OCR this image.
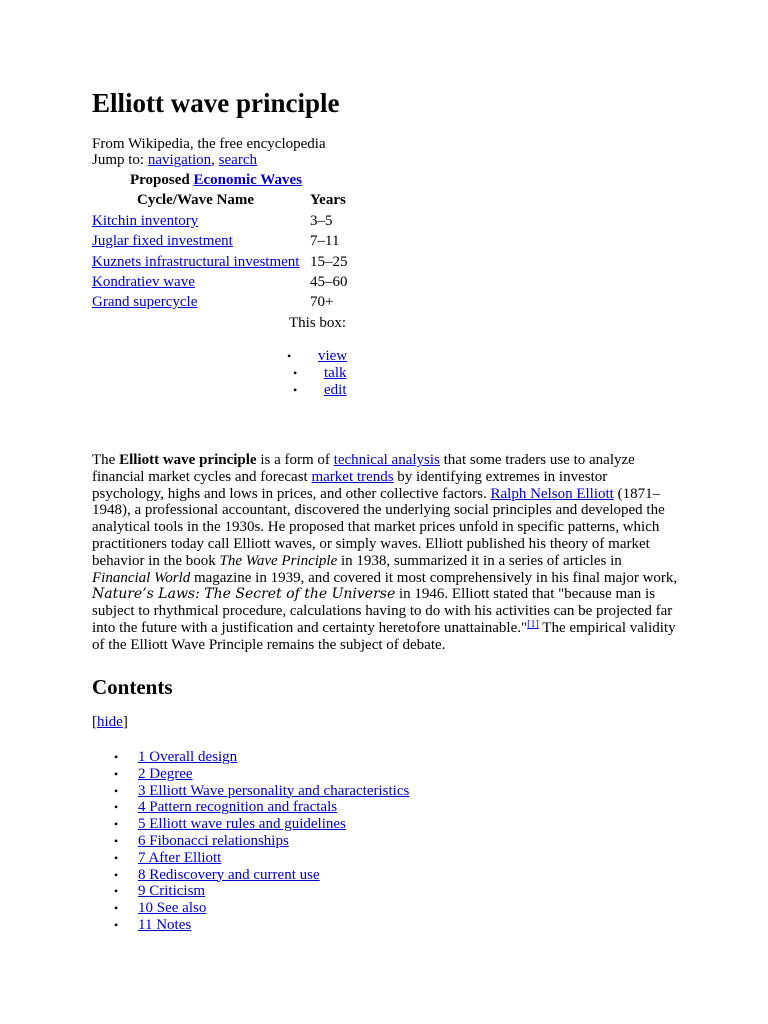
Elliott wave principle
From Wikipedia, the free encyclopedia
Jump to: navigation, search
Proposed Economic Waves
Cycle/Wave Name	Years
Kitchin inventory	3–5
Juglar fixed investment	7–11
Kuznets infrastructural investment 15–25
Kondratiev wave	45–60
Grand supercycle	70+
This box:
• view
• talk
• edit

The Elliott wave principle is a form of technical analysis that some traders use to analyze financial market cycles and forecast market trends by identifying extremes in investor psychology, highs and lows in prices, and other collective factors. Ralph Nelson Elliott (1871–1948), a professional accountant, discovered the underlying social principles and developed the analytical tools in the 1930s. He proposed that market prices unfold in specific patterns, which practitioners today call Elliott waves, or simply waves. Elliott published his theory of market behavior in the book The Wave Principle in 1938, summarized it in a series of articles in Financial World magazine in 1939, and covered it most comprehensively in his final major work, Nature’s Laws: The Secret of the Universe in 1946. Elliott stated that "because man is subject to rhythmical procedure, calculations having to do with his activities can be projected far into the future with a justification and certainty heretofore unattainable."[1] The empirical validity of the Elliott Wave Principle remains the subject of debate.

Contents
[hide]
• 1 Overall design
• 2 Degree
• 3 Elliott Wave personality and characteristics
• 4 Pattern recognition and fractals
• 5 Elliott wave rules and guidelines
• 6 Fibonacci relationships
• 7 After Elliott
• 8 Rediscovery and current use
• 9 Criticism
• 10 See also
• 11 Notes
